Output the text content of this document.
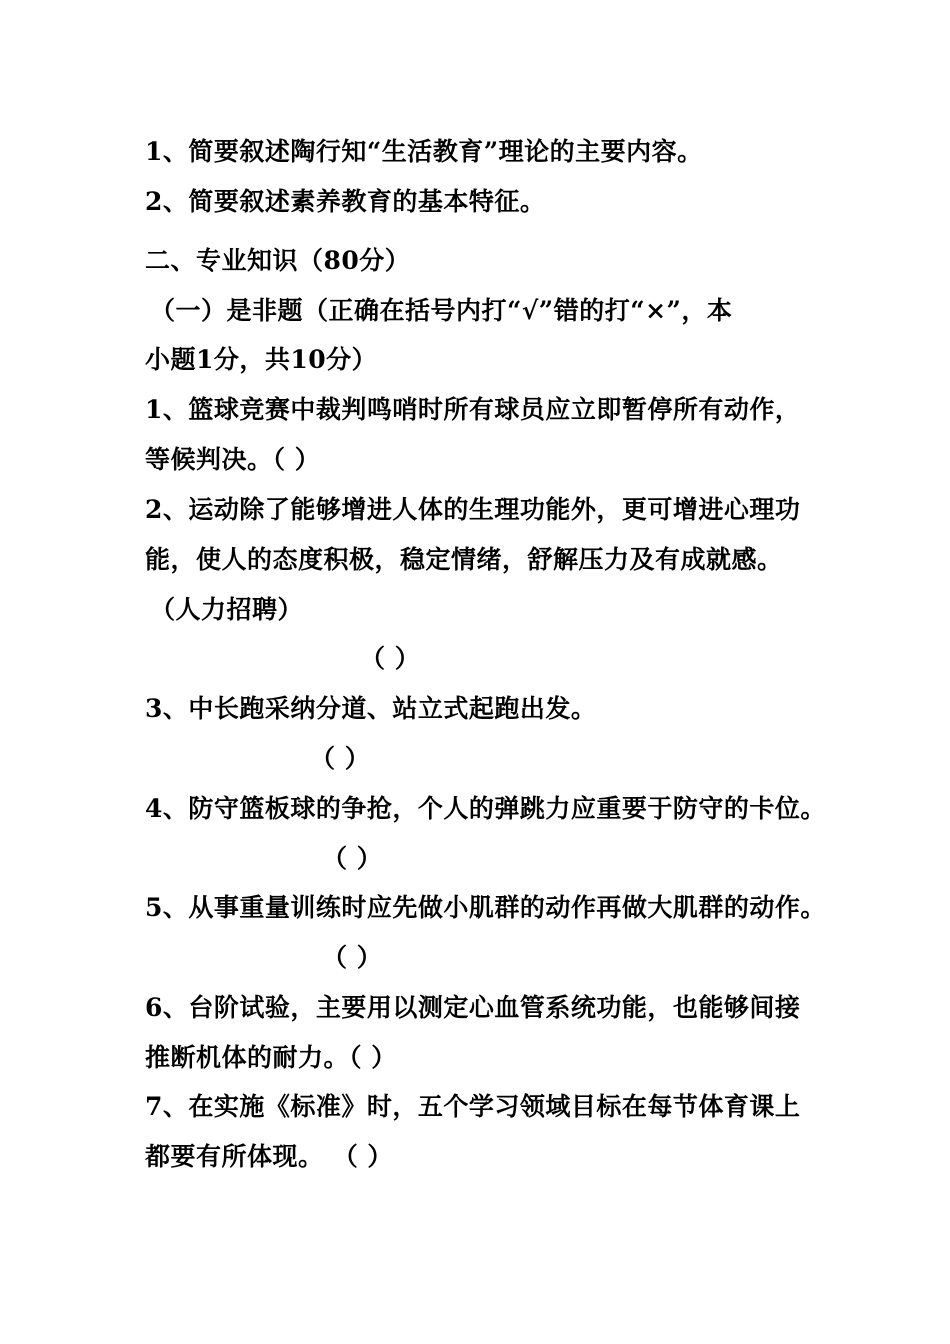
1、简要叙述陶行知“生活教育”理论的主要内容。
2、简要叙述素养教育的基本特征。
二、专业知识（80分）
（一）是非题（正确在括号内打“√”错的打“×”，本
小题1分，共10分）
1、篮球竞赛中裁判鸣哨时所有球员应立即暂停所有动作，
等候判决。（ ）
2、运动除了能够增进人体的生理功能外，更可增进心理功
能，使人的态度积极，稳定情绪，舒解压力及有成就感。
（人力招聘）
（ ）
3、中长跑采纳分道、站立式起跑出发。
（ ）
4、防守篮板球的争抢，个人的弹跳力应重要于防守的卡位。
（ ）
5、从事重量训练时应先做小肌群的动作再做大肌群的动作。
（ ）
6、台阶试验，主要用以测定心血管系统功能，也能够间接
推断机体的耐力。（ ）
7、在实施《标准》时，五个学习领域目标在每节体育课上
都要有所体现。 （ ）
